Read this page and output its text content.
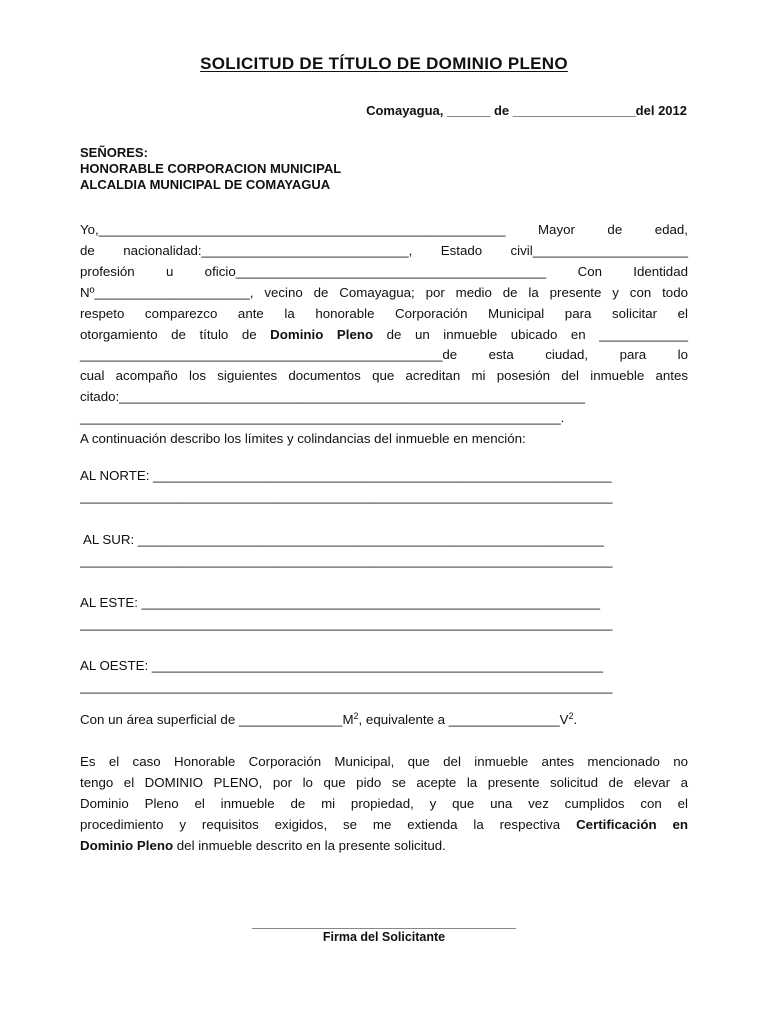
SOLICITUD DE TÍTULO DE DOMINIO PLENO
Comayagua, ______ de _________________del 2012
SEÑORES:
HONORABLE CORPORACION MUNICIPAL
ALCALDIA MUNICIPAL DE COMAYAGUA
Yo,_______________________________________________________ Mayor de edad,
de nacionalidad:____________________________, Estado civil_____________________
profesión u oficio__________________________________________ Con Identidad
Nº_____________________, vecino de Comayagua; por medio de la presente y con todo
respeto comparezco ante la honorable Corporación Municipal para solicitar el
otorgamiento de título de Dominio Pleno de un inmueble ubicado en ____________
_________________________________________________de esta ciudad, para lo
cual acompaño los siguientes documentos que acreditan mi posesión del inmueble antes
citado:_______________________________________________________________
_________________________________________________________________.
A continuación describo los límites y colindancias del inmueble en mención:
AL NORTE: ______________________________________________________________
________________________________________________________________________
AL SUR: _______________________________________________________________
________________________________________________________________________
AL ESTE: ______________________________________________________________
________________________________________________________________________
AL OESTE: _____________________________________________________________
________________________________________________________________________
Con un área superficial de $\_\_\_\_\_\_\_\_\_\_\_\_\_\_M^2$, equivalente a $\_\_\_\_\_\_\_\_\_\_\_\_\_\_\_V^2$.
Es el caso Honorable Corporación Municipal, que del inmueble antes mencionado no
tengo el DOMINIO PLENO, por lo que pido se acepte la presente solicitud de elevar a
Dominio Pleno el inmueble de mi propiedad, y que una vez cumplidos con el
procedimiento y requisitos exigidos, se me extienda la respectiva Certificación en
Dominio Pleno del inmueble descrito en la presente solicitud.
______________________________________
Firma del Solicitante
